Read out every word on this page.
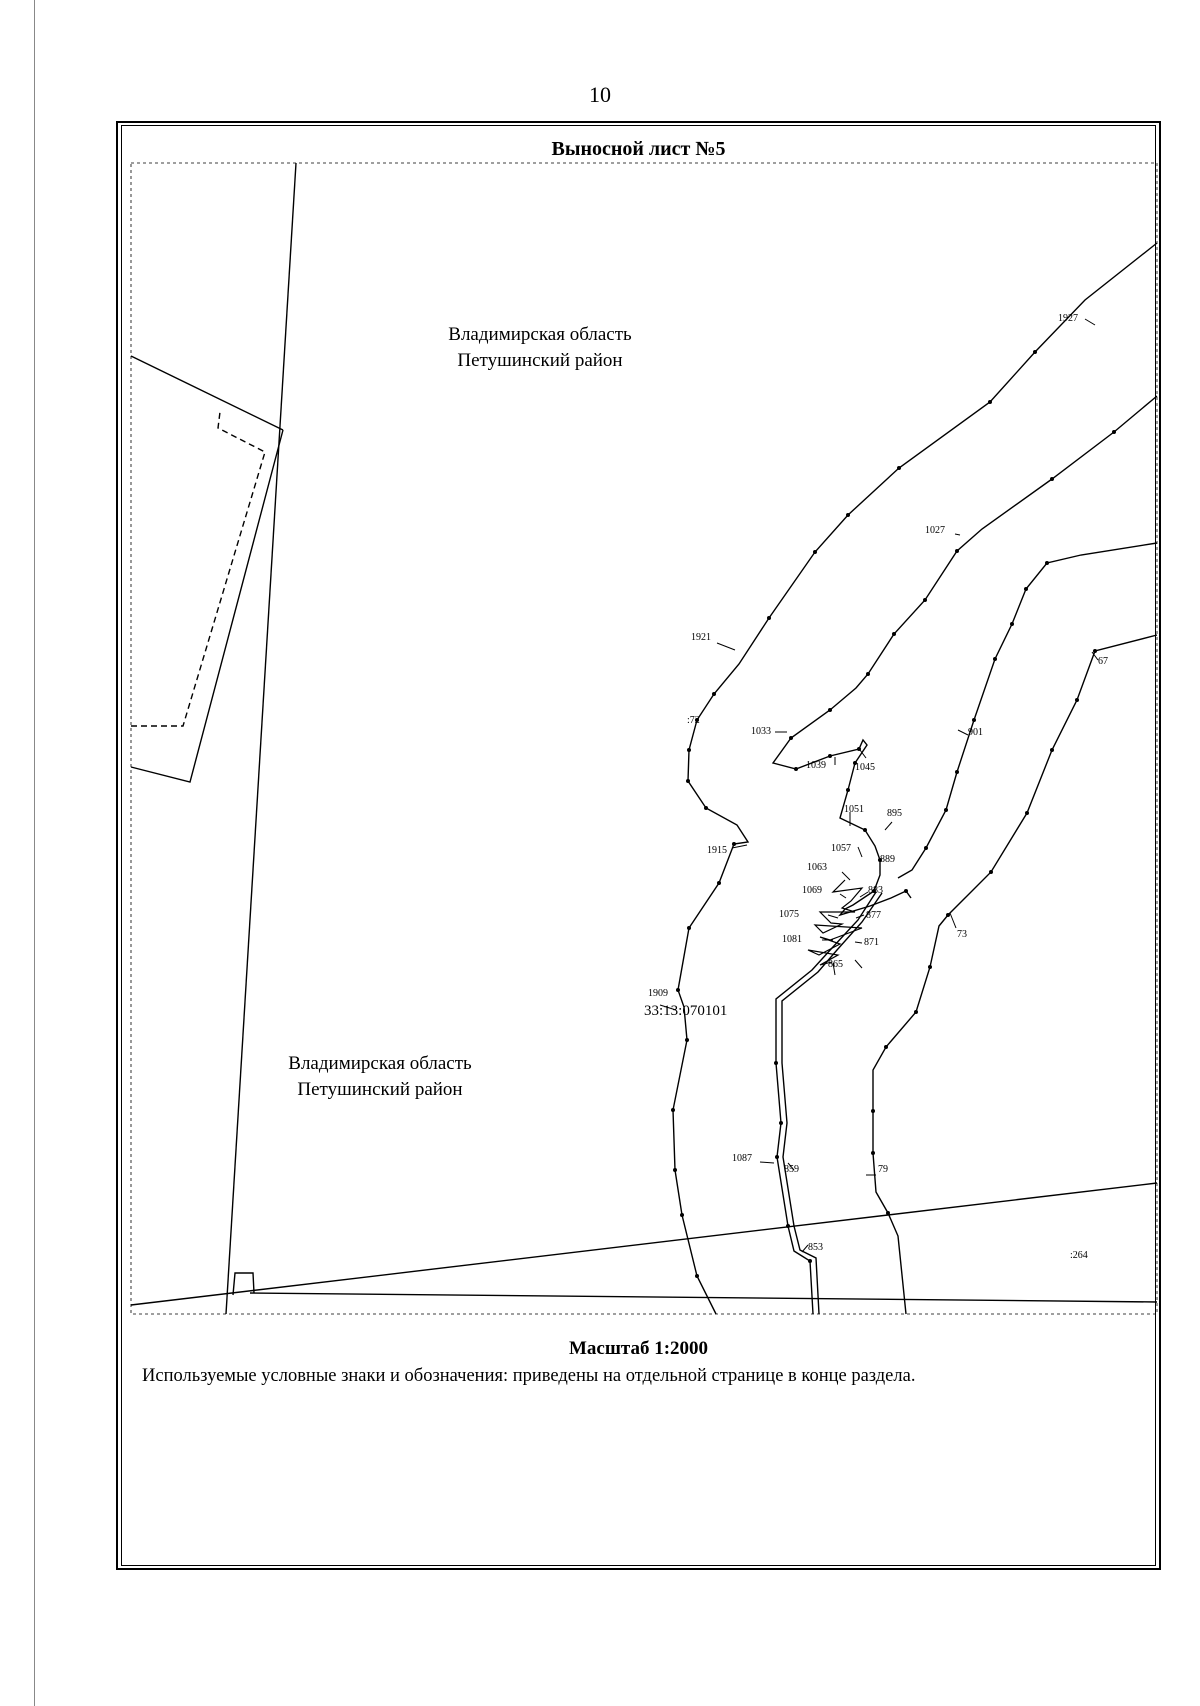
10
Выносной лист №5
1927
1027
1921
67
1033
1039	1045
:72
901
1051 895
1057
889
1915
1063
1069	883
1075	877
1081	871
865
73
1909
1087
859	79
853
:264
33:13:070101
Владимирская область
Петушинский район
Владимирская область
Петушинский район
Масштаб 1:2000
Используемые условные знаки и обозначения: приведены на отдельной странице в конце раздела.
